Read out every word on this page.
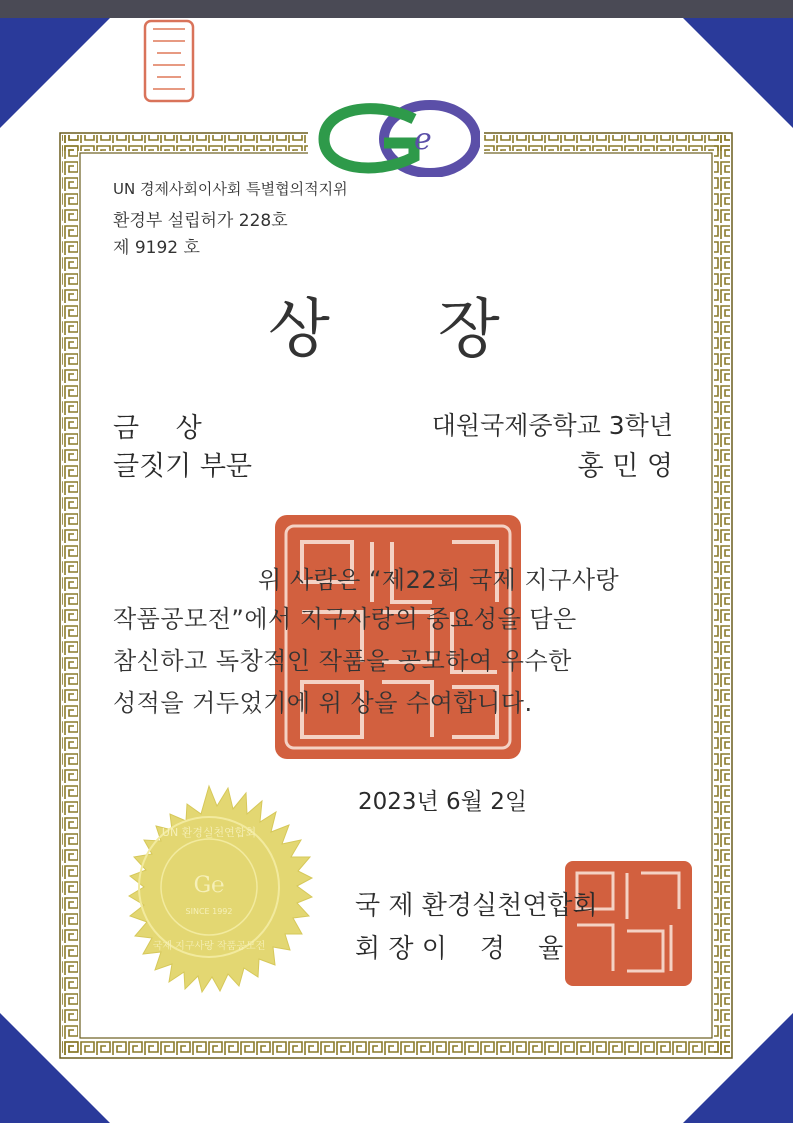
e
UN 경제사회이사회 특별협의적지위
환경부 설립허가 228호
제 9192 호
상장
금 상
글짓기 부문
대원국제중학교 3학년
홍 민 영
위 사람은 “제22회 국제 지구사랑
작품공모전”에서 지구사랑의 중요성을 담은
참신하고 독창적인 작품을 공모하여 우수한
성적을 거두었기에 위 상을 수여합니다.
2023년 6월 2일
UN 환경실천연합회
G℮
SINCE 1992
국제 지구사랑 작품공모전
국 제 환경실천연합회
회 장 이    경    율
